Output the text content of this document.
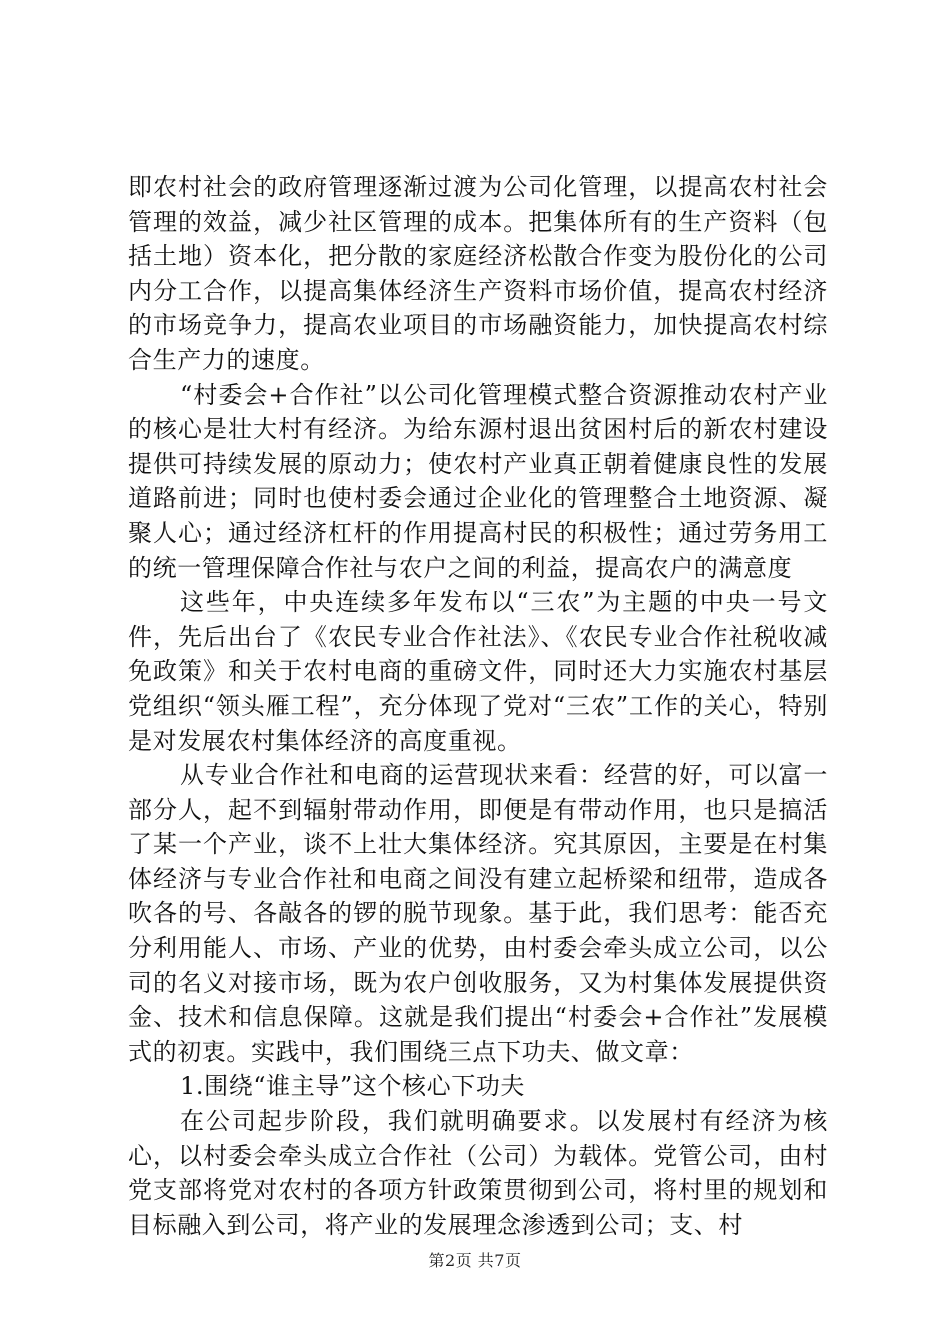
即农村社会的政府管理逐渐过渡为公司化管理，以提高农村社会管理的效益，减少社区管理的成本。把集体所有的生产资料（包括土地）资本化，把分散的家庭经济松散合作变为股份化的公司内分工合作，以提高集体经济生产资料市场价值，提高农村经济的市场竞争力，提高农业项目的市场融资能力，加快提高农村综合生产力的速度。

“村委会+合作社”以公司化管理模式整合资源推动农村产业的核心是壮大村有经济。为给东源村退出贫困村后的新农村建设提供可持续发展的原动力；使农村产业真正朝着健康良性的发展道路前进；同时也使村委会通过企业化的管理整合土地资源、凝聚人心；通过经济杠杆的作用提高村民的积极性；通过劳务用工的统一管理保障合作社与农户之间的利益，提高农户的满意度

这些年，中央连续多年发布以“三农”为主题的中央一号文件，先后出台了《农民专业合作社法》、《农民专业合作社税收减免政策》和关于农村电商的重磅文件，同时还大力实施农村基层党组织“领头雁工程”，充分体现了党对“三农”工作的关心，特别是对发展农村集体经济的高度重视。

从专业合作社和电商的运营现状来看：经营的好，可以富一部分人，起不到辐射带动作用，即便是有带动作用，也只是搞活了某一个产业，谈不上壮大集体经济。究其原因，主要是在村集体经济与专业合作社和电商之间没有建立起桥梁和纽带，造成各吹各的号、各敲各的锣的脱节现象。基于此，我们思考：能否充分利用能人、市场、产业的优势，由村委会牵头成立公司，以公司的名义对接市场，既为农户创收服务，又为村集体发展提供资金、技术和信息保障。这就是我们提出“村委会+合作社”发展模式的初衷。实践中，我们围绕三点下功夫、做文章：

1.围绕“谁主导”这个核心下功夫

在公司起步阶段，我们就明确要求。以发展村有经济为核心，以村委会牵头成立合作社（公司）为载体。党管公司，由村党支部将党对农村的各项方针政策贯彻到公司，将村里的规划和目标融入到公司，将产业的发展理念渗透到公司；支、村

第2页 共7页
